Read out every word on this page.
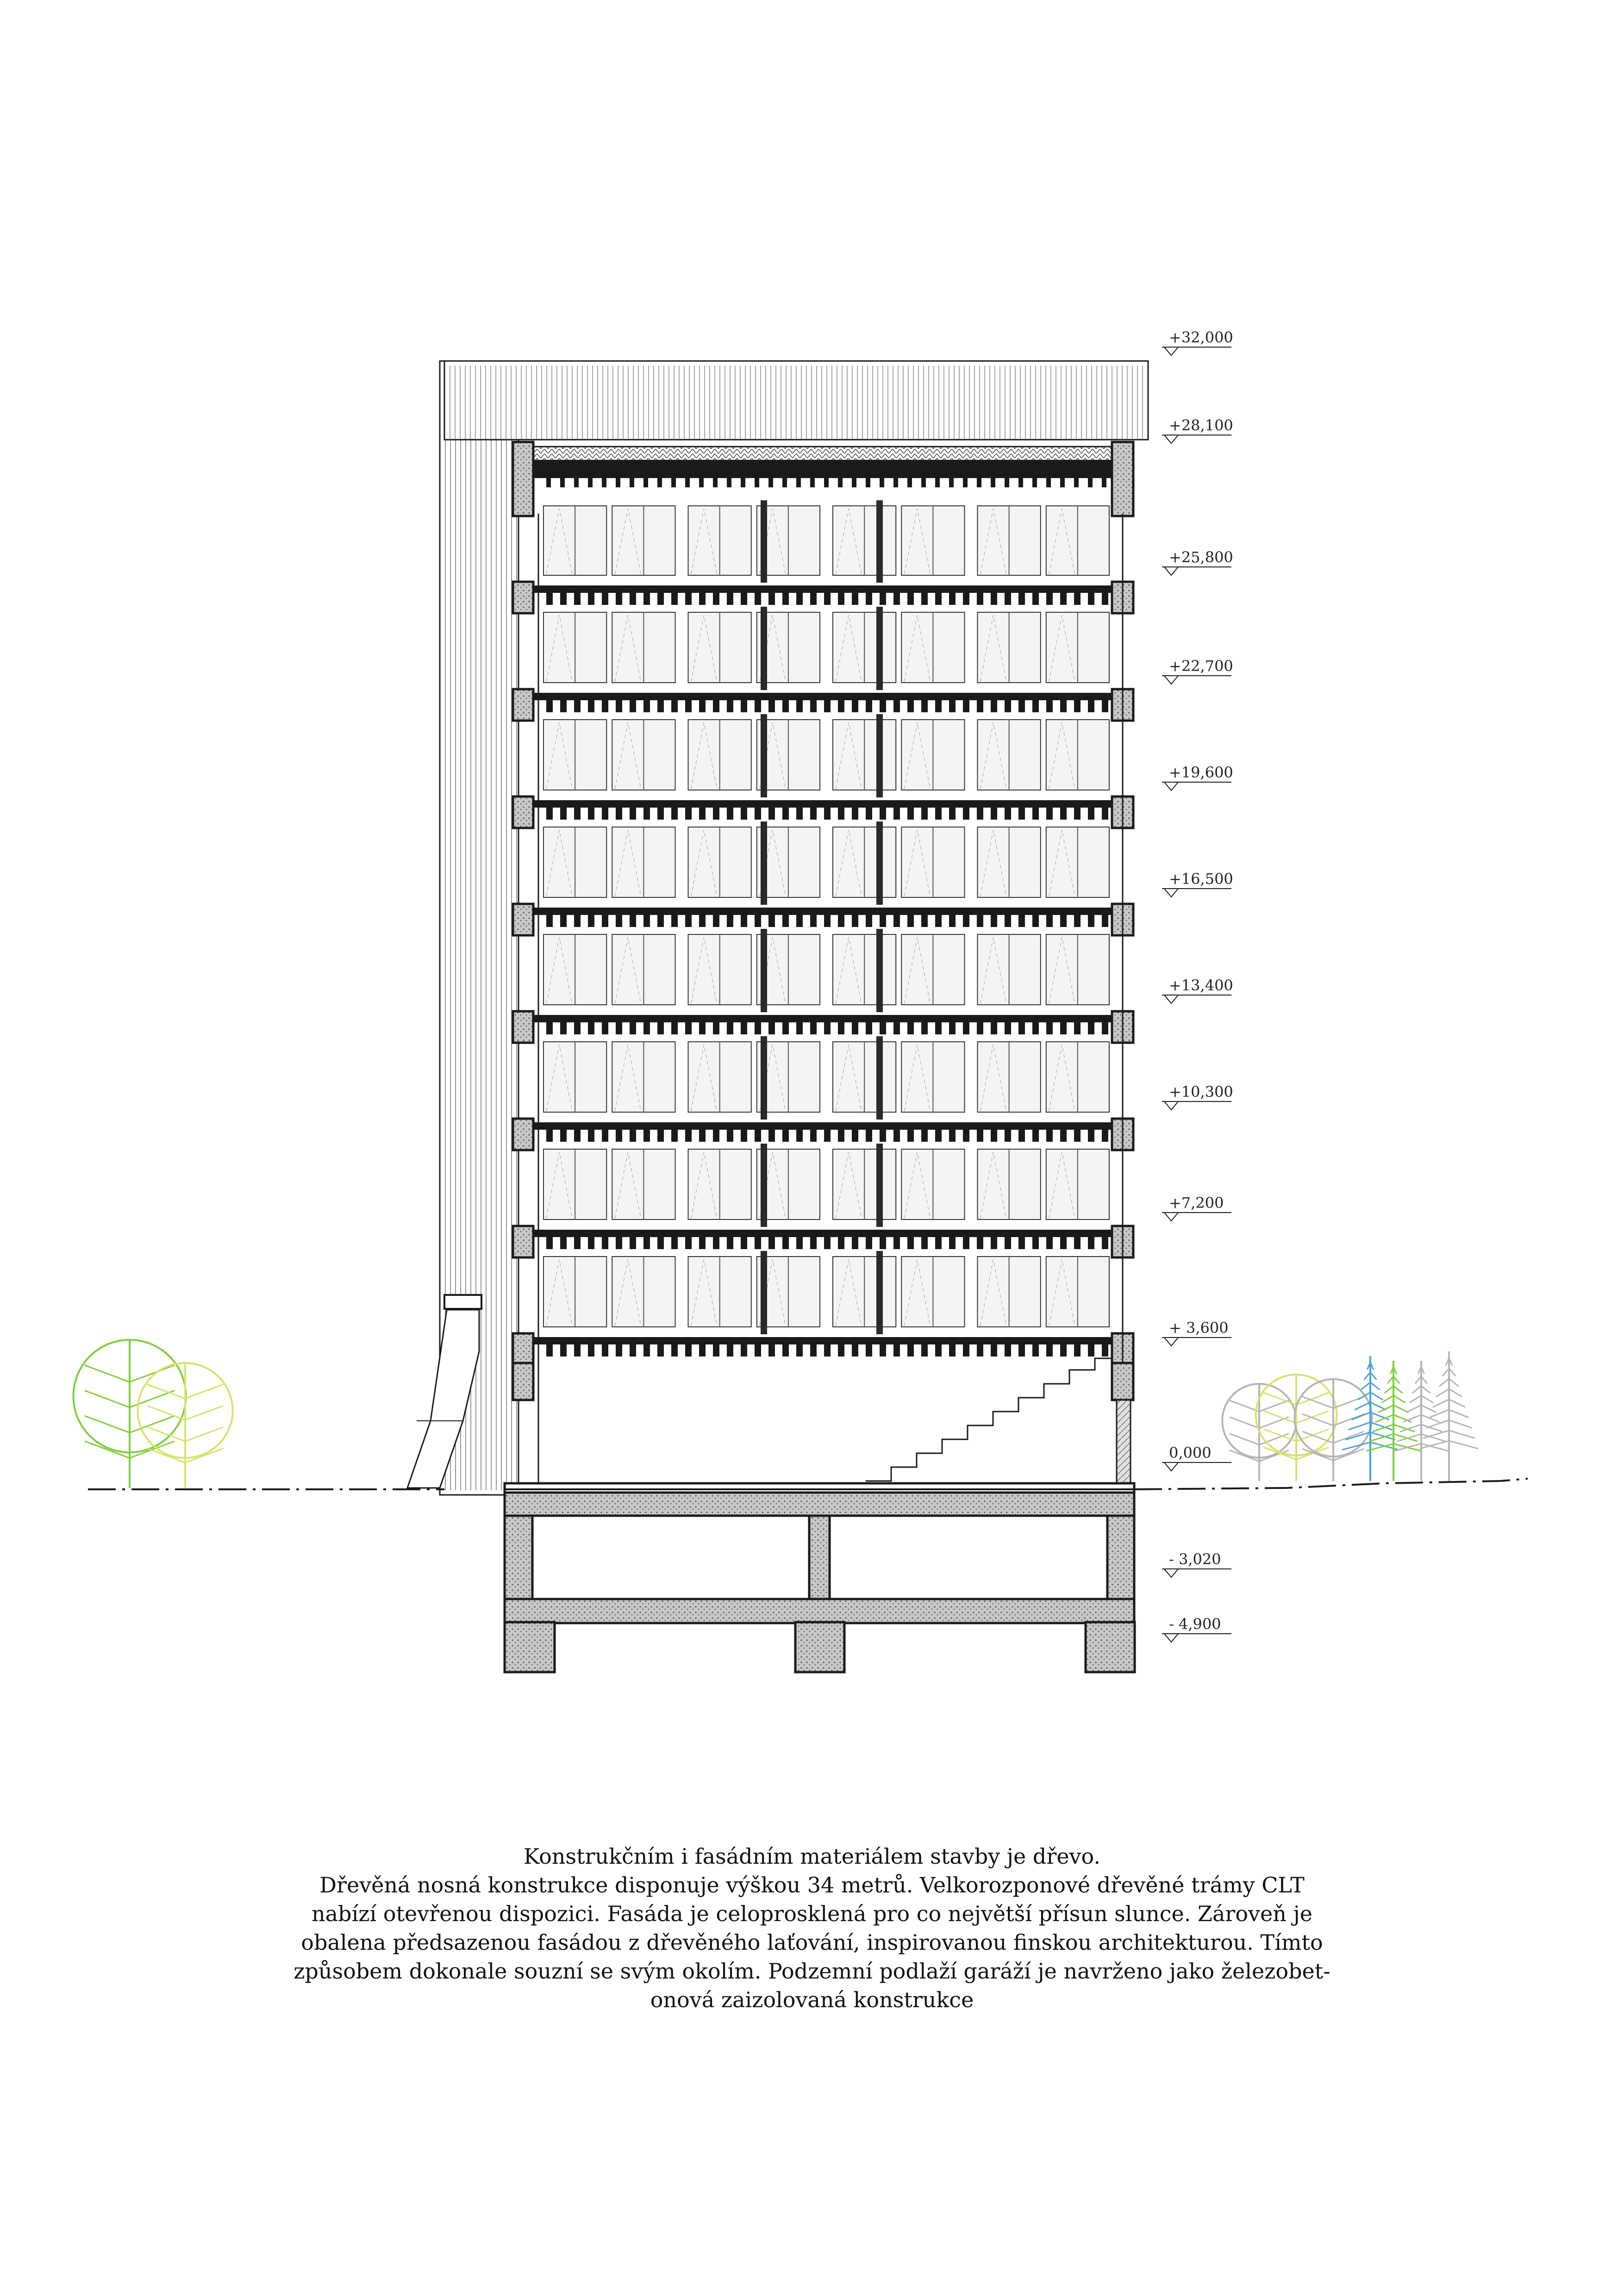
+32,000
+28,100
+25,800
+22,700
+19,600
+16,500
+13,400
+10,300
+7,200
+ 3,600
0,000
- 3,020
- 4,900
Konstrukčním i fasádním materiálem stavby je dřevo.
Dřevěná nosná konstrukce disponuje výškou 34 metrů. Velkorozponové dřevěné trámy CLT
nabízí otevřenou dispozici. Fasáda je celoprosklená pro co největší přísun slunce. Zároveň je
obalena předsazenou fasádou z dřevěného laťování, inspirovanou finskou architekturou. Tímto
způsobem dokonale souzní se svým okolím. Podzemní podlaží garáží je navrženo jako železobet-
onová zaizolovaná konstrukce
